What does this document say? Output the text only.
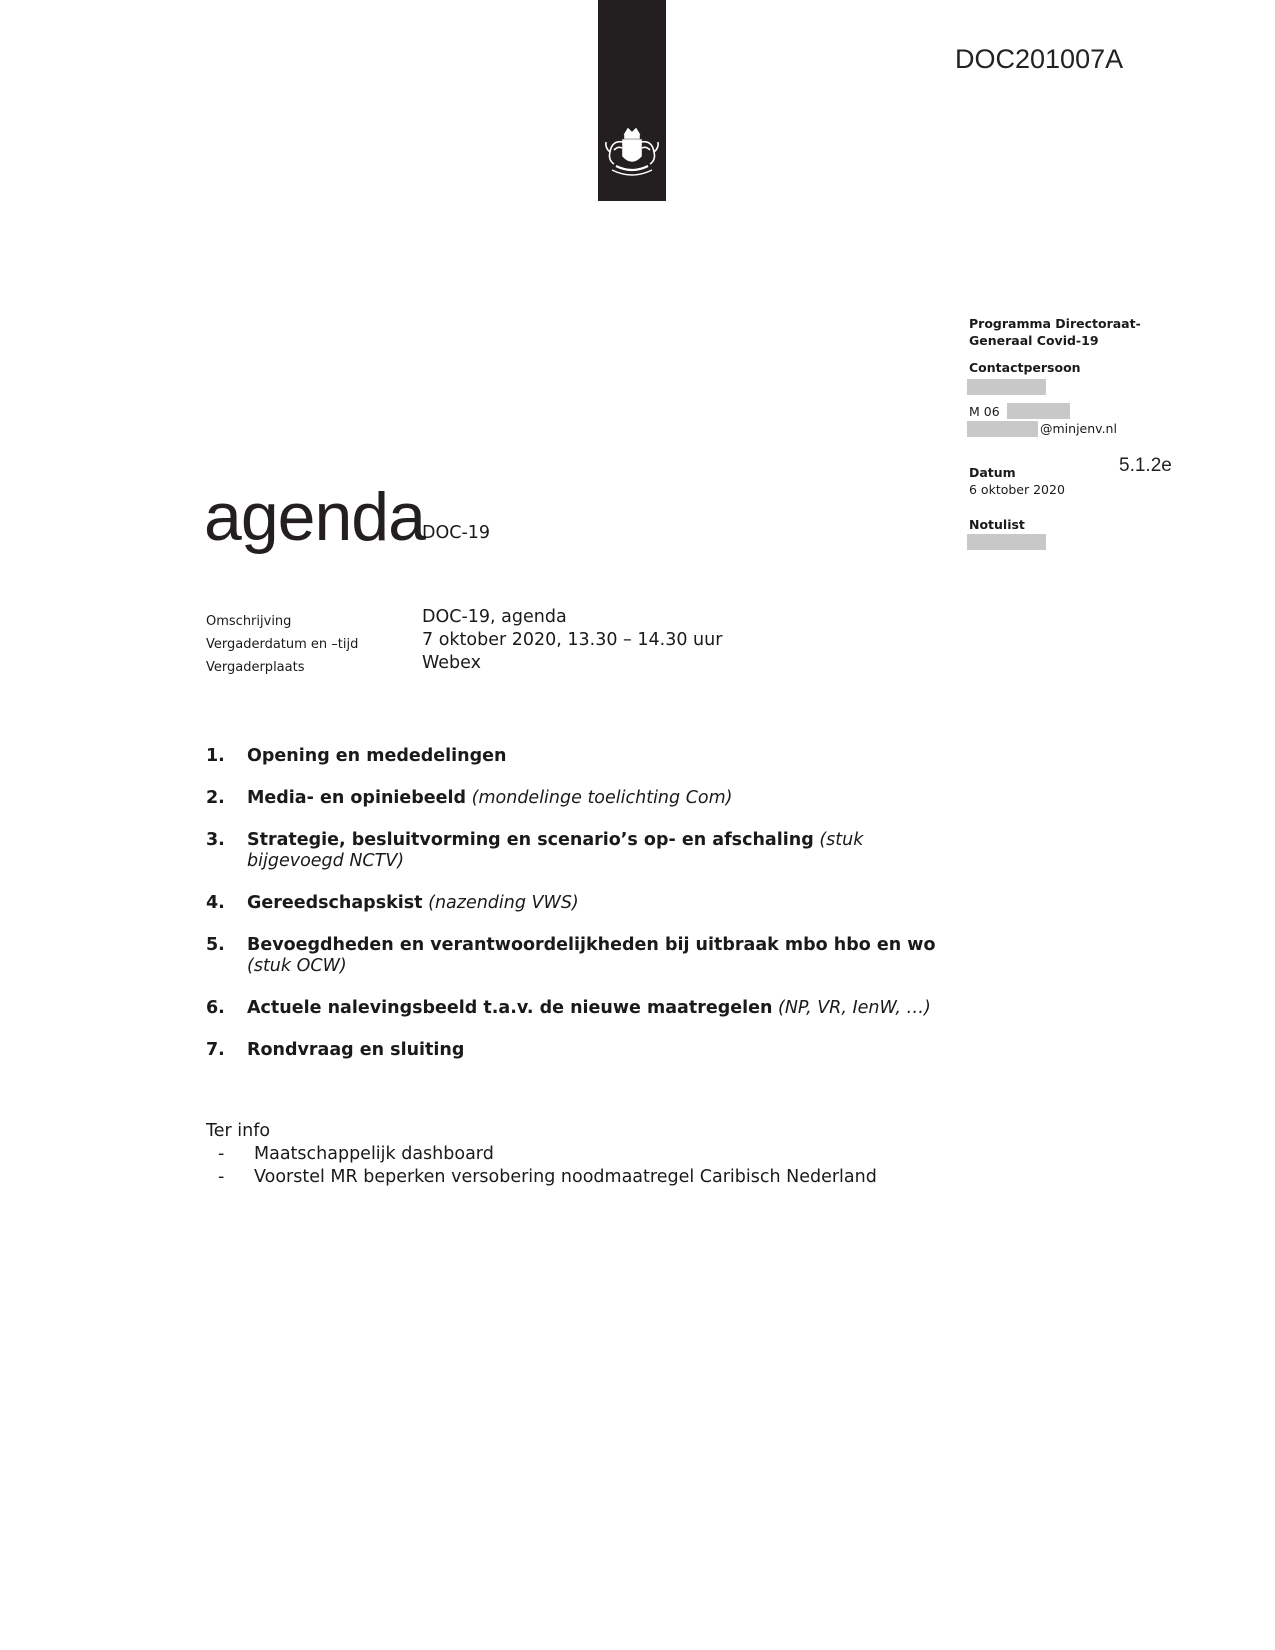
DOC201007A
Programma Directoraat-
Generaal Covid-19
Contactpersoon
M 06
@minjenv.nl
5.1.2e
Datum
6 oktober 2020
Notulist
agenda
DOC-19
Omschrijving	DOC-19, agenda
Vergaderdatum en –tijd	7 oktober 2020, 13.30 – 14.30 uur
Vergaderplaats	Webex
1. Opening en mededelingen
2. Media- en opiniebeeld (mondelinge toelichting Com)
3. Strategie, besluitvorming en scenario’s op- en afschaling (stuk bijgevoegd NCTV)
4. Gereedschapskist (nazending VWS)
5. Bevoegdheden en verantwoordelijkheden bij uitbraak mbo hbo en wo (stuk OCW)
6. Actuele nalevingsbeeld t.a.v. de nieuwe maatregelen (NP, VR, IenW, …)
7. Rondvraag en sluiting
Ter info
- Maatschappelijk dashboard
- Voorstel MR beperken versobering noodmaatregel Caribisch Nederland
